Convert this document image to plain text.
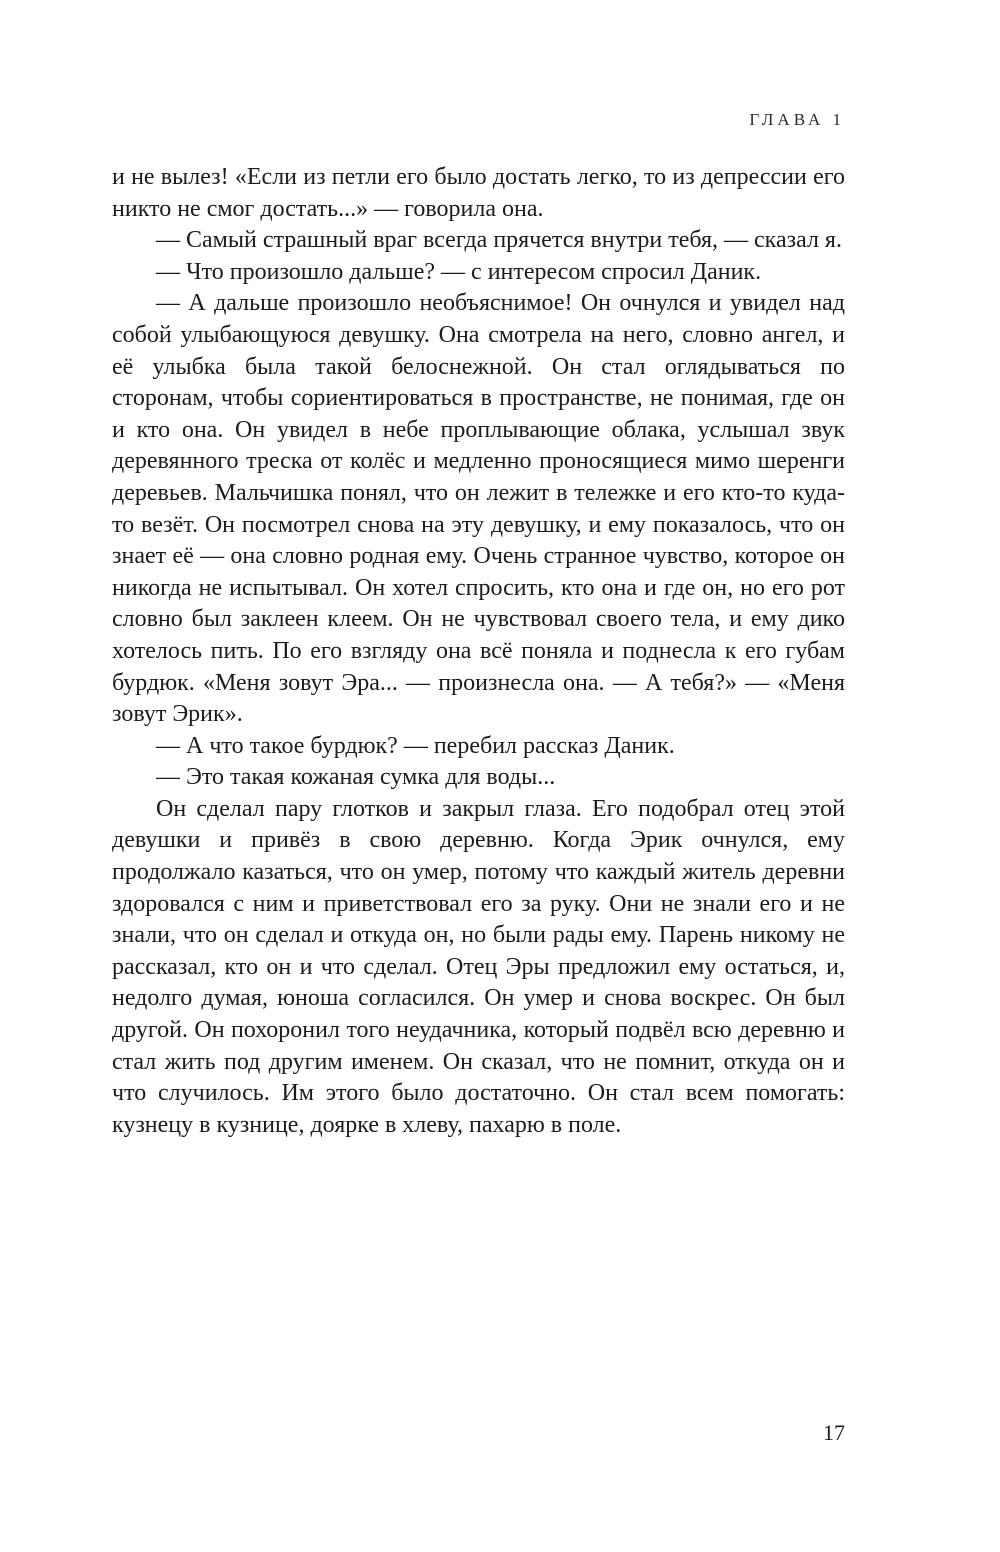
ГЛАВА 1

и не вылез! «Если из петли его было достать легко, то из депрессии его никто не смог достать...» — говорила она.

— Самый страшный враг всегда прячется внутри тебя, — сказал я.

— Что произошло дальше? — с интересом спросил Даник.

— А дальше произошло необъяснимое! Он очнулся и увидел над собой улыбающуюся девушку. Она смотрела на него, словно ангел, и её улыбка была такой белоснежной. Он стал оглядываться по сторонам, чтобы сориентироваться в пространстве, не понимая, где он и кто она. Он увидел в небе проплывающие облака, услышал звук деревянного треска от колёс и медленно проносящиеся мимо шеренги деревьев. Мальчишка понял, что он лежит в тележке и его кто-то куда-то везёт. Он посмотрел снова на эту девушку, и ему показалось, что он знает её — она словно родная ему. Очень странное чувство, которое он никогда не испытывал. Он хотел спросить, кто она и где он, но его рот словно был заклеен клеем. Он не чувствовал своего тела, и ему дико хотелось пить. По его взгляду она всё поняла и поднесла к его губам бурдюк. «Меня зовут Эра... — произнесла она. — А тебя?» — «Меня зовут Эрик».

— А что такое бурдюк? — перебил рассказ Даник.

— Это такая кожаная сумка для воды...

Он сделал пару глотков и закрыл глаза. Его подобрал отец этой девушки и привёз в свою деревню. Когда Эрик очнулся, ему продолжало казаться, что он умер, потому что каждый житель деревни здоровался с ним и приветствовал его за руку. Они не знали его и не знали, что он сделал и откуда он, но были рады ему. Парень никому не рассказал, кто он и что сделал. Отец Эры предложил ему остаться, и, недолго думая, юноша согласился. Он умер и снова воскрес. Он был другой. Он похоронил того неудачника, который подвёл всю деревню и стал жить под другим именем. Он сказал, что не помнит, откуда он и что случилось. Им этого было достаточно. Он стал всем помогать: кузнецу в кузнице, доярке в хлеву, пахарю в поле.

17
